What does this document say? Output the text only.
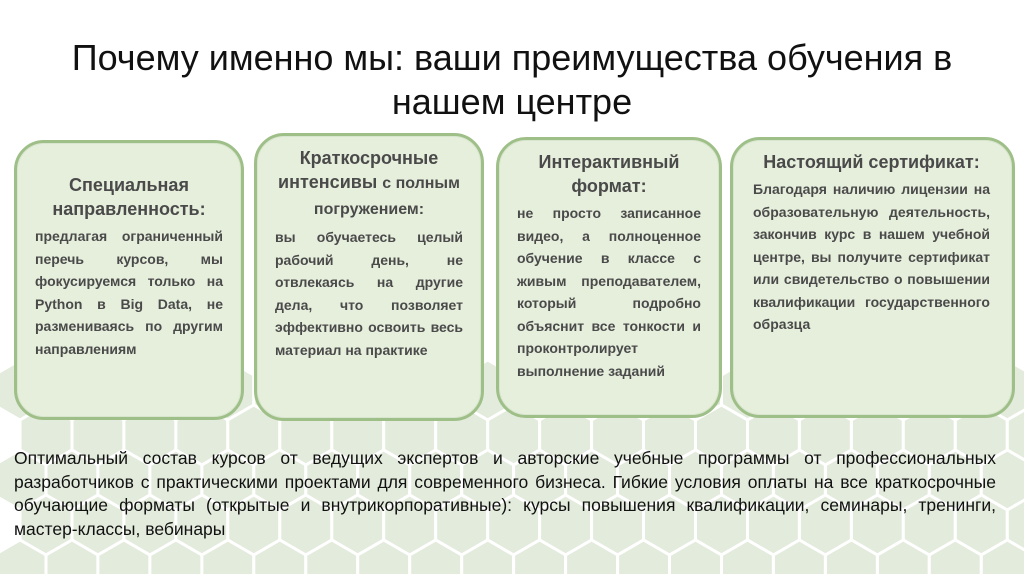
Почему именно мы: ваши преимущества обучения в нашем центре
Специальная направленность:
предлагая ограниченный перечь курсов, мы фокусируемся только на Python в Big Data, не размениваясь по другим направлениям
Краткосрочные интенсивы с полным погружением:
вы обучаетесь целый рабочий день, не отвлекаясь на другие дела, что позволяет эффективно освоить весь материал на практике
Интерактивный формат:
не просто записанное видео, а полноценное обучение в классе с живым преподавателем, который подробно объяснит все тонкости и проконтролирует выполнение заданий
Настоящий сертификат:
Благодаря наличию лицензии на образовательную деятельность, закончив курс в нашем учебной центре, вы получите сертификат или свидетельство о повышении квалификации государственного образца
Оптимальный состав курсов от ведущих экспертов и авторские учебные программы от профессиональных разработчиков с практическими проектами для современного бизнеса. Гибкие условия оплаты на все краткосрочные обучающие форматы (открытые и внутрикорпоративные): курсы повышения квалификации, семинары, тренинги, мастер-классы, вебинары
